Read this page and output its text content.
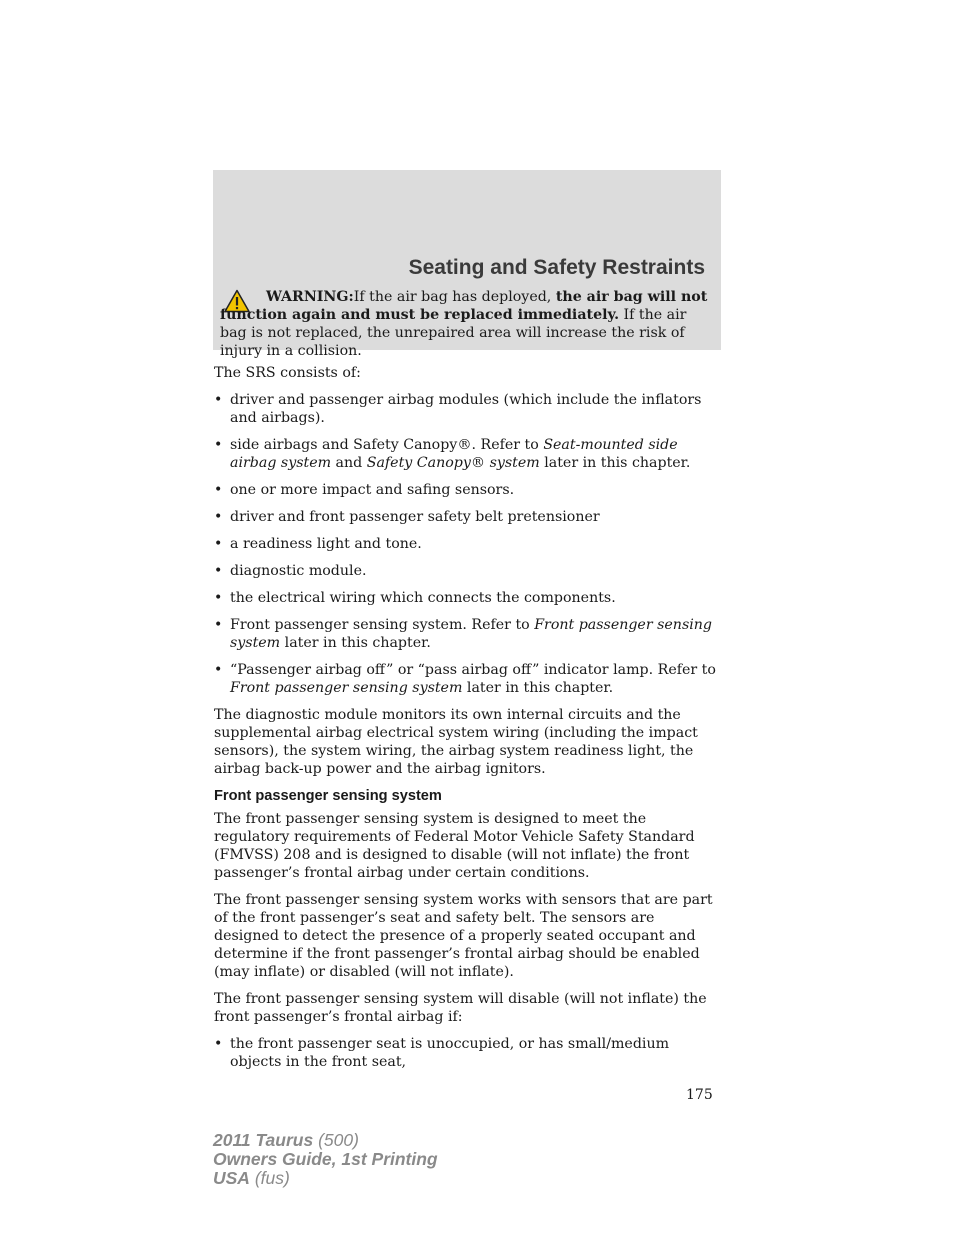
Seating and Safety Restraints
WARNING:If the air bag has deployed, the air bag will not function again and must be replaced immediately. If the air bag is not replaced, the unrepaired area will increase the risk of injury in a collision.

The SRS consists of:

• driver and passenger airbag modules (which include the inflators and airbags).
• side airbags and Safety Canopy®. Refer to Seat-mounted side airbag system and Safety Canopy® system later in this chapter.
• one or more impact and safing sensors.
• driver and front passenger safety belt pretensioner
• a readiness light and tone.
• diagnostic module.
• the electrical wiring which connects the components.
• Front passenger sensing system. Refer to Front passenger sensing system later in this chapter.
• “Passenger airbag off” or “pass airbag off” indicator lamp. Refer to Front passenger sensing system later in this chapter.

The diagnostic module monitors its own internal circuits and the supplemental airbag electrical system wiring (including the impact sensors), the system wiring, the airbag system readiness light, the airbag back-up power and the airbag ignitors.

Front passenger sensing system

The front passenger sensing system is designed to meet the regulatory requirements of Federal Motor Vehicle Safety Standard (FMVSS) 208 and is designed to disable (will not inflate) the front passenger’s frontal airbag under certain conditions.

The front passenger sensing system works with sensors that are part of the front passenger’s seat and safety belt. The sensors are designed to detect the presence of a properly seated occupant and determine if the front passenger’s frontal airbag should be enabled (may inflate) or disabled (will not inflate).

The front passenger sensing system will disable (will not inflate) the front passenger’s frontal airbag if:

• the front passenger seat is unoccupied, or has small/medium objects in the front seat,
175
2011 Taurus (500)
Owners Guide, 1st Printing
USA (fus)
